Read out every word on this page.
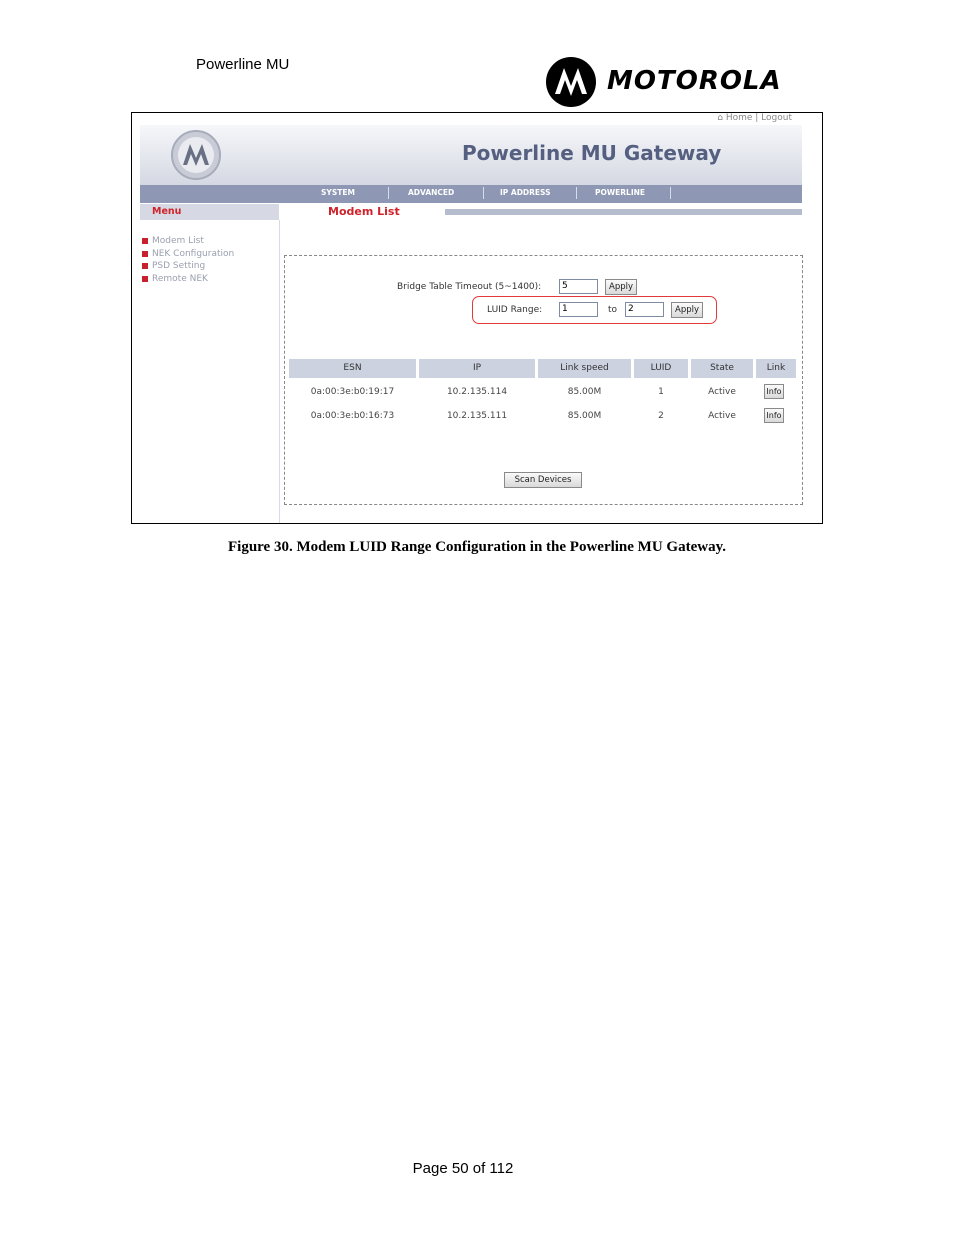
Powerline MU
MOTOROLA
⌂ Home | Logout
Powerline MU Gateway
SYSTEM	ADVANCED	IP ADDRESS	POWERLINE
Menu
Modem List
NEK Configuration
PSD Setting
Remote NEK
Modem List
Bridge Table Timeout (5~1400):	5	Apply
LUID Range:	1	to	2	Apply
ESN	IP	Link speed	LUID	State	Link
0a:00:3e:b0:19:17	10.2.135.114	85.00M	1	Active	Info
0a:00:3e:b0:16:73	10.2.135.111	85.00M	2	Active	Info
Scan Devices
Figure 30. Modem LUID Range Configuration in the Powerline MU Gateway.
Page 50 of 112
